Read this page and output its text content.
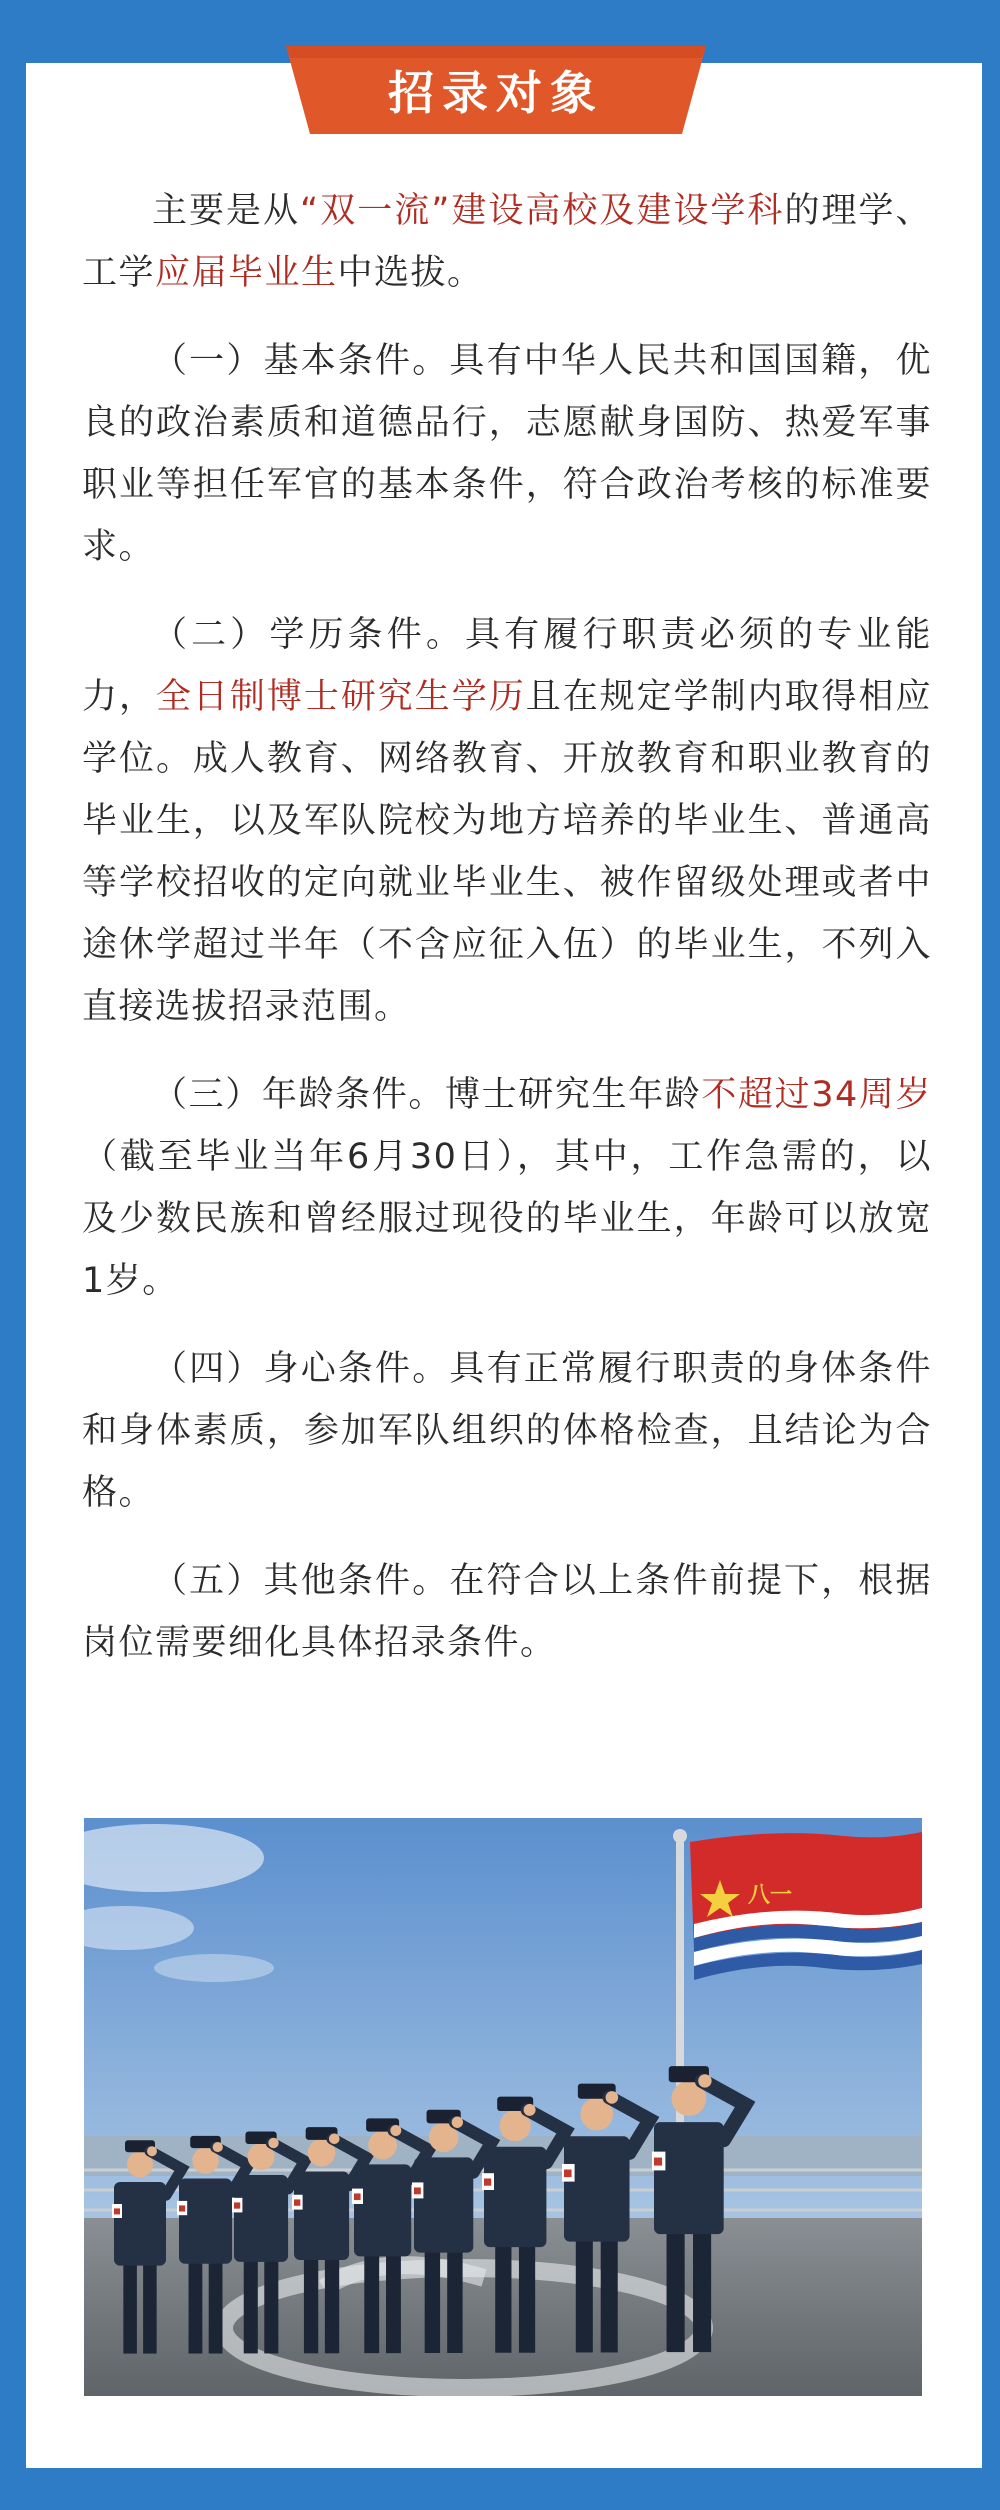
招录对象

主要是从“双一流”建设高校及建设学科的理学、工学应届毕业生中选拔。

（一）基本条件。具有中华人民共和国国籍，优良的政治素质和道德品行，志愿献身国防、热爱军事职业等担任军官的基本条件，符合政治考核的标准要求。

（二）学历条件。具有履行职责必须的专业能力，全日制博士研究生学历且在规定学制内取得相应学位。成人教育、网络教育、开放教育和职业教育的毕业生，以及军队院校为地方培养的毕业生、普通高等学校招收的定向就业毕业生、被作留级处理或者中途休学超过半年（不含应征入伍）的毕业生，不列入直接选拔招录范围。

（三）年龄条件。博士研究生年龄不超过34周岁（截至毕业当年6月30日），其中，工作急需的，以及少数民族和曾经服过现役的毕业生，年龄可以放宽1岁。

（四）身心条件。具有正常履行职责的身体条件和身体素质，参加军队组织的体格检查，且结论为合格。

（五）其他条件。在符合以上条件前提下，根据岗位需要细化具体招录条件。

八一
